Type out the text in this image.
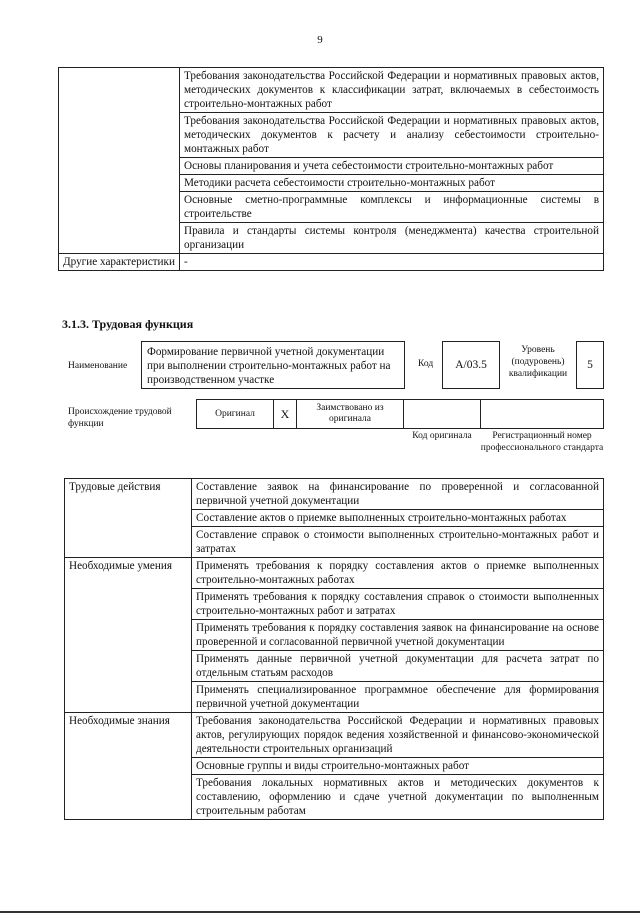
9
	Требования законодательства Российской Федерации и нормативных правовых актов, методических документов к классификации затрат, включаемых в себестоимость строительно-монтажных работ
	Требования законодательства Российской Федерации и нормативных правовых актов, методических документов к расчету и анализу себестоимости строительно-монтажных работ
	Основы планирования и учета себестоимости строительно-монтажных работ
	Методики расчета себестоимости строительно-монтажных работ
	Основные сметно-программные комплексы и информационные системы в строительстве
	Правила и стандарты системы контроля (менеджмента) качества строительной организации
Другие характеристики	-
3.1.3. Трудовая функция
Наименование
Формирование первичной учетной документации при выполнении строительно-монтажных работ на производственном участке
Код	A/03.5
Уровень (подуровень) квалификации
5
Происхождение трудовой функции
Оригинал	X	Заимствовано из оригинала
Код оригинала	Регистрационный номер профессионального стандарта
Трудовые действия	Составление заявок на финансирование по проверенной и согласованной первичной учетной документации
	Составление актов о приемке выполненных строительно-монтажных работах
	Составление справок о стоимости выполненных строительно-монтажных работ и затратах
Необходимые умения	Применять требования к порядку составления актов о приемке выполненных строительно-монтажных работах
	Применять требования к порядку составления справок о стоимости выполненных строительно-монтажных работ и затратах
	Применять требования к порядку составления заявок на финансирование на основе проверенной и согласованной первичной учетной документации
	Применять данные первичной учетной документации для расчета затрат по отдельным статьям расходов
	Применять специализированное программное обеспечение для формирования первичной учетной документации
Необходимые знания	Требования законодательства Российской Федерации и нормативных правовых актов, регулирующих порядок ведения хозяйственной и финансово-экономической деятельности строительных организаций
	Основные группы и виды строительно-монтажных работ
	Требования локальных нормативных актов и методических документов к составлению, оформлению и сдаче учетной документации по выполненным строительным работам
